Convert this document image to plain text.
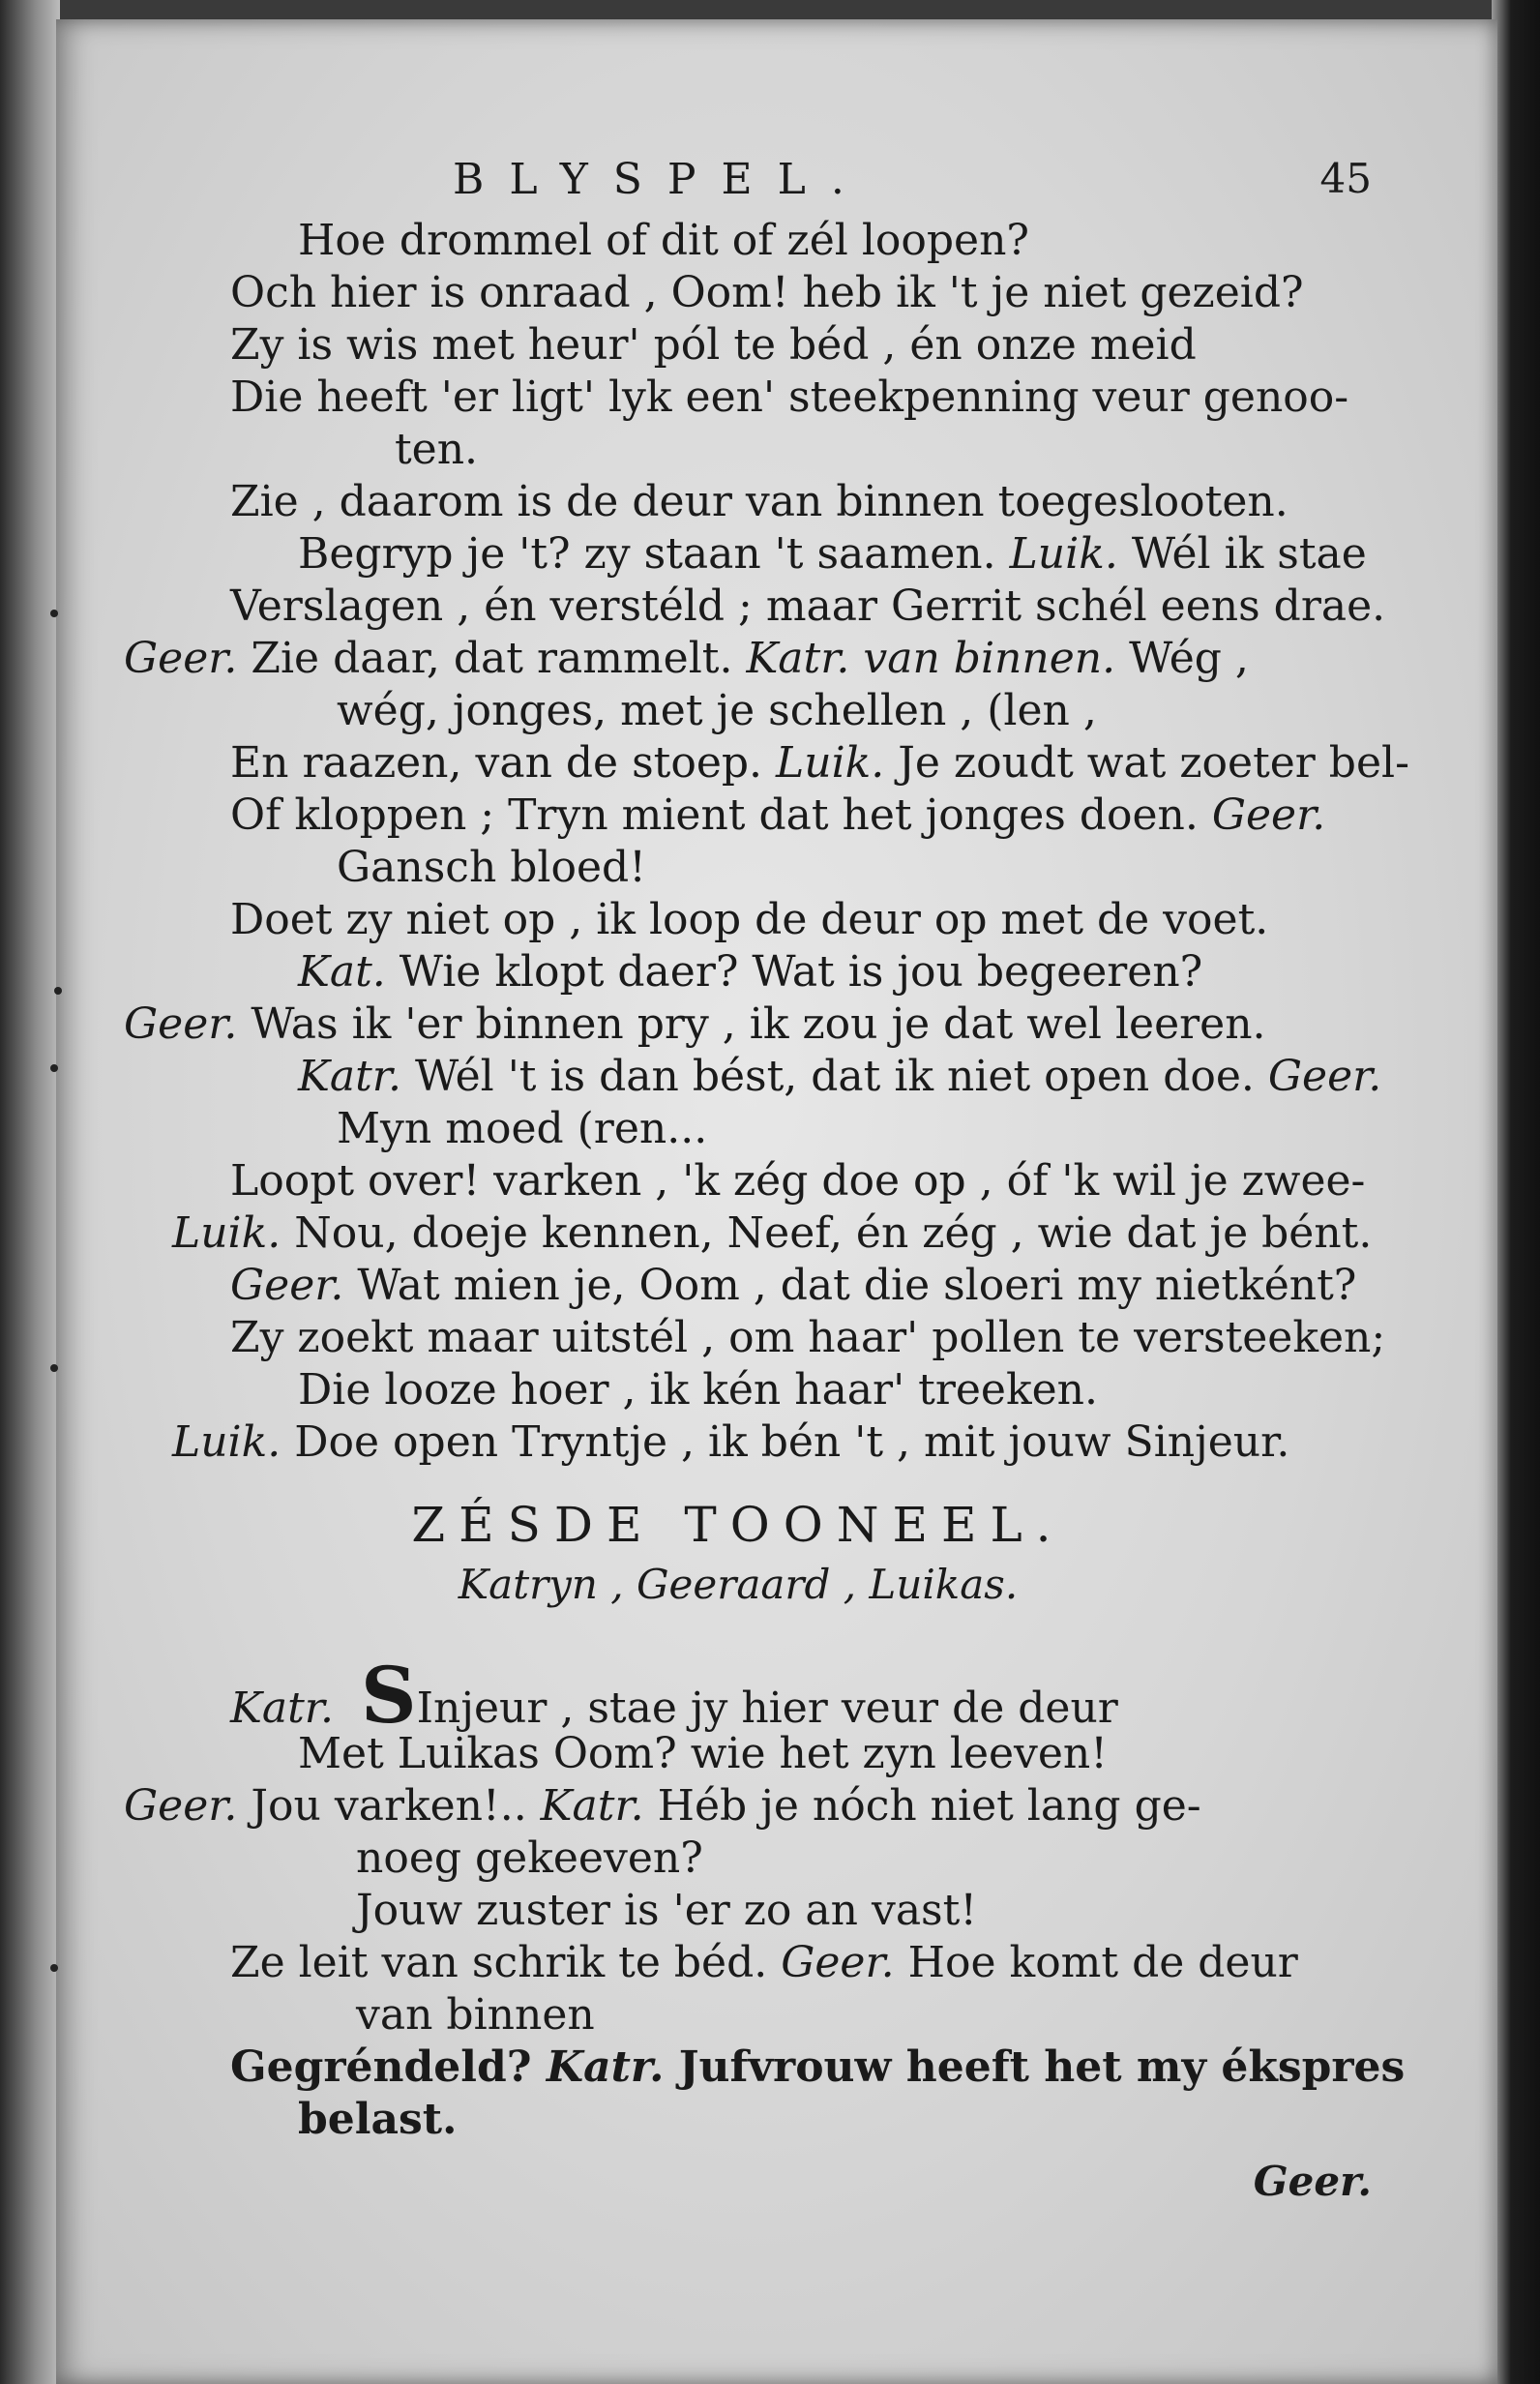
BLYSPEL.	45
Hoe drommel of dit of zél loopen?
Och hier is onraad , Oom! heb ik 't je niet gezeid?
Zy is wis met heur' pól te béd , én onze meid
Die heeft 'er ligt' lyk een' steekpenning veur genoo-
ten.
Zie , daarom is de deur van binnen toegeslooten.
Begryp je 't? zy staan 't saamen. Luik. Wél ik stae
Verslagen , én verstéld ; maar Gerrit schél eens drae.
Geer. Zie daar, dat rammelt. Katr. van binnen. Wég ,
wég, jonges, met je schellen , (len ,
En raazen, van de stoep. Luik. Je zoudt wat zoeter bel-
Of kloppen ; Tryn mient dat het jonges doen. Geer.
Gansch bloed!
Doet zy niet op , ik loop de deur op met de voet.
Kat. Wie klopt daer? Wat is jou begeeren?
Geer. Was ik 'er binnen pry , ik zou je dat wel leeren.
Katr. Wél 't is dan bést, dat ik niet open doe. Geer.
Myn moed (ren...
Loopt over! varken , 'k zég doe op , óf 'k wil je zwee-
Luik. Nou, doeje kennen, Neef, én zég , wie dat je bént.
Geer. Wat mien je, Oom , dat die sloeri my nietként?
Zy zoekt maar uitstél , om haar' pollen te versteeken;
Die looze hoer , ik kén haar' treeken.
Luik. Doe open Tryntje , ik bén 't , mit jouw Sinjeur.
ZÉSDE TOONEEL.
Katryn , Geeraard , Luikas.
Katr. SInjeur , stae jy hier veur de deur
Met Luikas Oom? wie het zyn leeven!
Geer. Jou varken!.. Katr. Héb je nóch niet lang ge-
noeg gekeeven?
Jouw zuster is 'er zo an vast!
Ze leit van schrik te béd. Geer. Hoe komt de deur
van binnen
Gegréndeld? Katr. Jufvrouw heeft het my ékspres
belast.
Geer.
